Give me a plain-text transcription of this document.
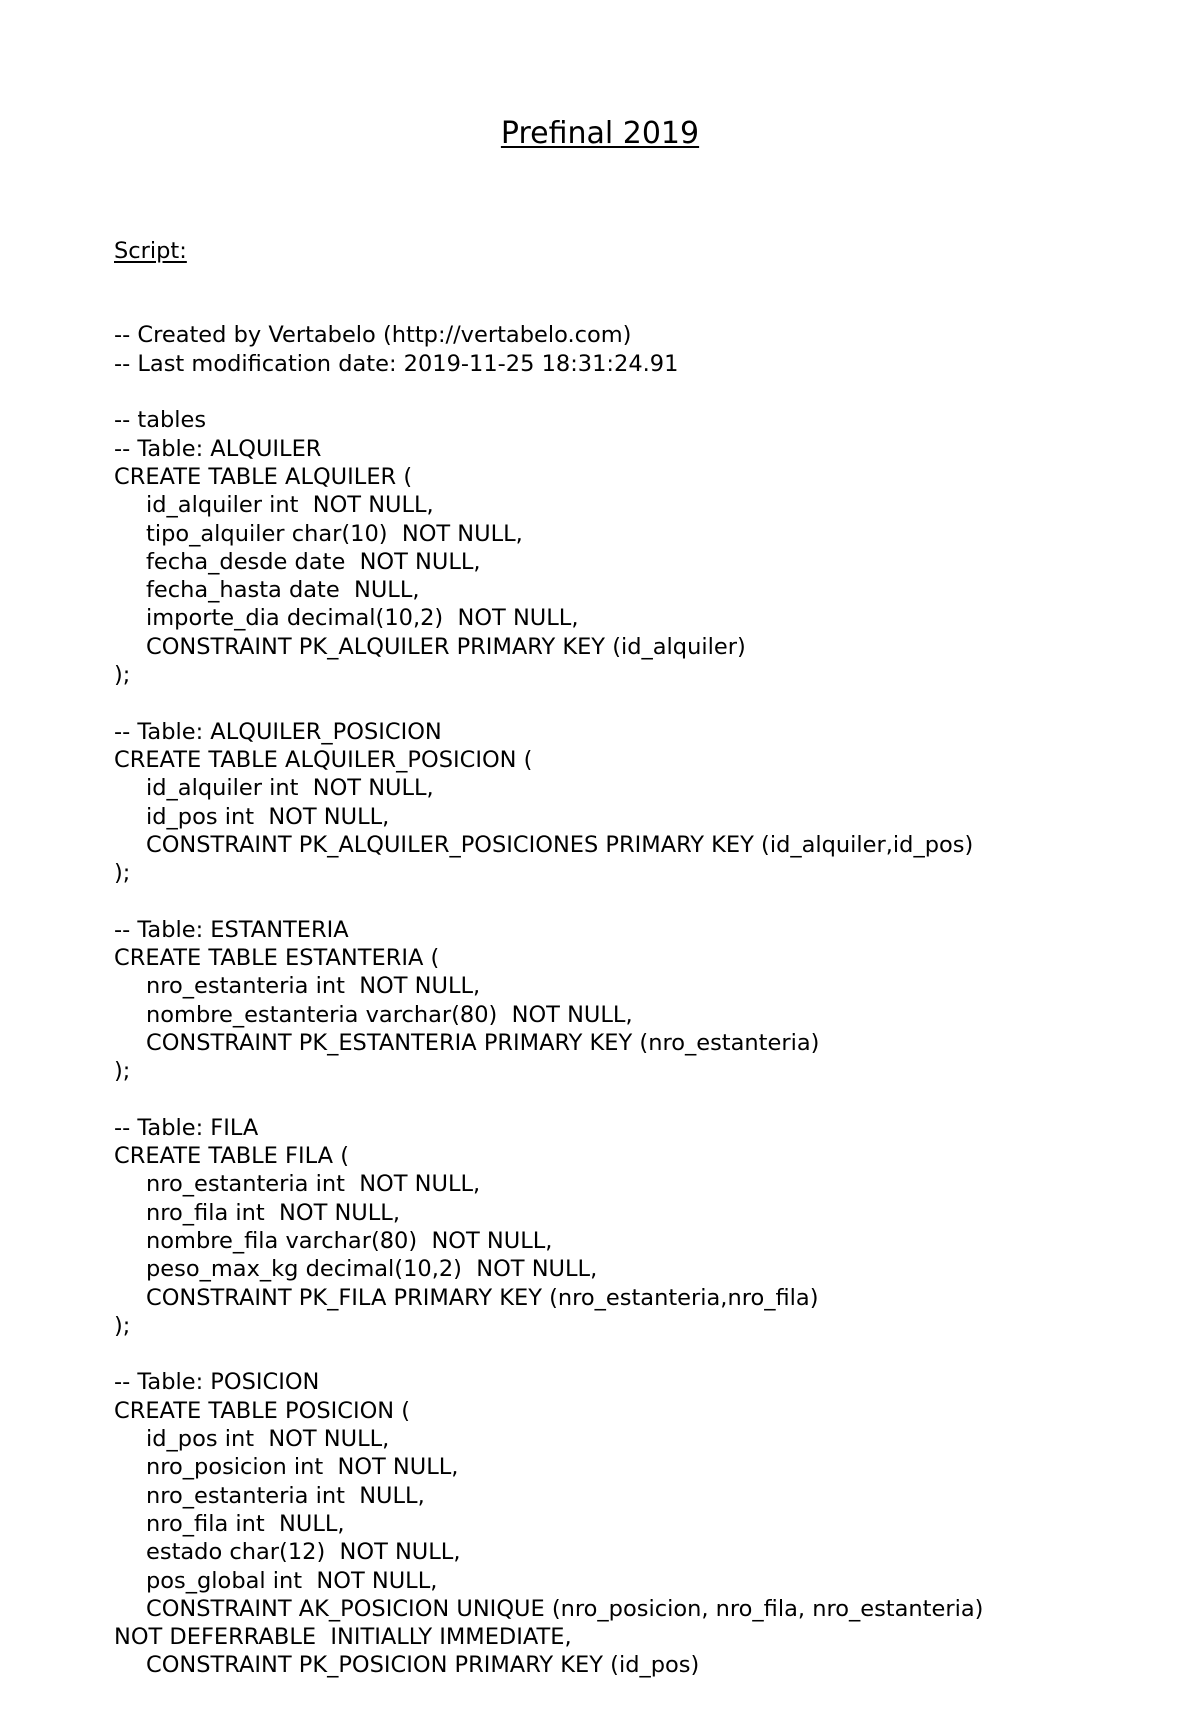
Prefinal 2019

Script:

-- Created by Vertabelo (http://vertabelo.com)
-- Last modification date: 2019-11-25 18:31:24.91
-- tables
-- Table: ALQUILER
CREATE TABLE ALQUILER (
id_alquiler int  NOT NULL,
tipo_alquiler char(10)  NOT NULL,
fecha_desde date  NOT NULL,
fecha_hasta date  NULL,
importe_dia decimal(10,2)  NOT NULL,
CONSTRAINT PK_ALQUILER PRIMARY KEY (id_alquiler)
);
-- Table: ALQUILER_POSICION
CREATE TABLE ALQUILER_POSICION (
id_alquiler int  NOT NULL,
id_pos int  NOT NULL,
CONSTRAINT PK_ALQUILER_POSICIONES PRIMARY KEY (id_alquiler,id_pos)
);
-- Table: ESTANTERIA
CREATE TABLE ESTANTERIA (
nro_estanteria int  NOT NULL,
nombre_estanteria varchar(80)  NOT NULL,
CONSTRAINT PK_ESTANTERIA PRIMARY KEY (nro_estanteria)
);
-- Table: FILA
CREATE TABLE FILA (
nro_estanteria int  NOT NULL,
nro_fila int  NOT NULL,
nombre_fila varchar(80)  NOT NULL,
peso_max_kg decimal(10,2)  NOT NULL,
CONSTRAINT PK_FILA PRIMARY KEY (nro_estanteria,nro_fila)
);
-- Table: POSICION
CREATE TABLE POSICION (
id_pos int  NOT NULL,
nro_posicion int  NOT NULL,
nro_estanteria int  NULL,
nro_fila int  NULL,
estado char(12)  NOT NULL,
pos_global int  NOT NULL,
CONSTRAINT AK_POSICION UNIQUE (nro_posicion, nro_fila, nro_estanteria)
NOT DEFERRABLE  INITIALLY IMMEDIATE,
CONSTRAINT PK_POSICION PRIMARY KEY (id_pos)
